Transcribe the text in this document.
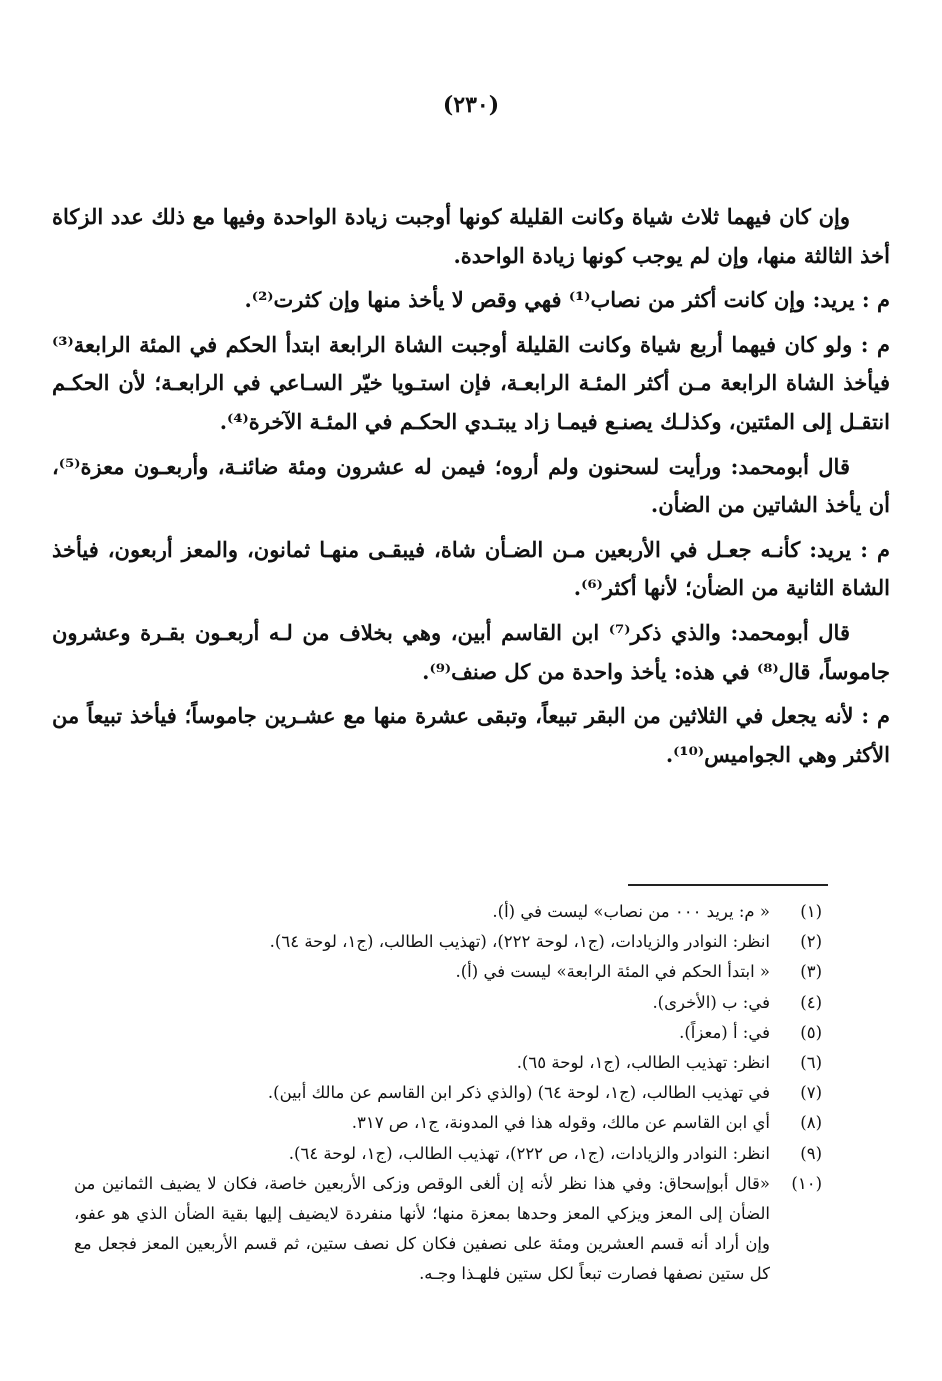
(٢٣٠)

وإن كان فيهما ثلاث شياة وكانت القليلة كونها أوجبت زيادة الواحدة وفيها مع ذلك عدد الزكاة أخذ الثالثة منها، وإن لم يوجب كونها زيادة الواحدة.

م : يريد: وإن كانت أكثر من نصاب⁽¹⁾ فهي وقص لا يأخذ منها وإن كثرت⁽²⁾.

م : ولو كان فيهما أربع شياة وكانت القليلة أوجبت الشاة الرابعة ابتدأ الحكم في المئة الرابعة⁽³⁾ فيأخذ الشاة الرابعة مـن أكثر المئـة الرابعـة، فإن استـويا خيّر السـاعي في الرابعـة؛ لأن الحكـم انتقـل إلى المئتين، وكذلـك يصنـع فيمـا زاد يبتـدي الحكـم في المئـة الآخرة⁽⁴⁾.

قال أبومحمد: ورأيت لسحنون ولم أروه؛ فيمن له عشرون ومئة ضائنـة، وأربعـون معزة⁽⁵⁾، أن يأخذ الشاتين من الضأن.

م : يريد: كأنـه جعـل في الأربعين مـن الضـأن شاة، فيبقـى منهـا ثمانون، والمعز أربعون، فيأخذ الشاة الثانية من الضأن؛ لأنها أكثر⁽⁶⁾.

قال أبومحمد: والذي ذكر⁽⁷⁾ ابن القاسم أبين، وهي بخلاف من لـه أربعـون بقـرة وعشرون جاموساً، قال⁽⁸⁾ في هذه: يأخذ واحدة من كل صنف⁽⁹⁾.

م : لأنه يجعل في الثلاثين من البقر تبيعاً، وتبقى عشرة منها مع عشـرين جاموساً؛ فيأخذ تبيعاً من الأكثر وهي الجواميس⁽¹⁰⁾.

(١)
« م: يريد ٠٠٠ من نصاب» ليست في (أ).
(٢)
انظر: النوادر والزيادات، (ج١، لوحة ٢٢٢)، (تهذيب الطالب، (ج١، لوحة ٦٤).
(٣)
« ابتدأ الحكم في المئة الرابعة» ليست في (أ).
(٤)
في: ب (الأخرى).
(٥)
في: أ (معزاً).
(٦)
انظر: تهذيب الطالب، (ج١، لوحة ٦٥).
(٧)
في تهذيب الطالب، (ج١، لوحة ٦٤) (والذي ذكر ابن القاسم عن مالك أبين).
(٨)
أي ابن القاسم عن مالك، وقوله هذا في المدونة، ج١، ص ٣١٧.
(٩)
انظر: النوادر والزيادات، (ج١، ص ٢٢٢)، تهذيب الطالب، (ج١، لوحة ٦٤).
(١٠)
«قال أبوإسحاق: وفي هذا نظر لأنه إن ألغى الوقص وزكى الأربعين خاصة، فكان لا يضيف الثمانين من الضأن إلى المعز ويزكي المعز وحدها بمعزة منها؛ لأنها منفردة لايضيف إليها بقية الضأن الذي هو عفو، وإن أراد أنه قسم العشرين ومئة على نصفين فكان كل نصف ستين، ثم قسم الأربعين المعز فجعل مع كل ستين نصفها فصارت تبعاً لكل ستين فلهـذا وجـه.
